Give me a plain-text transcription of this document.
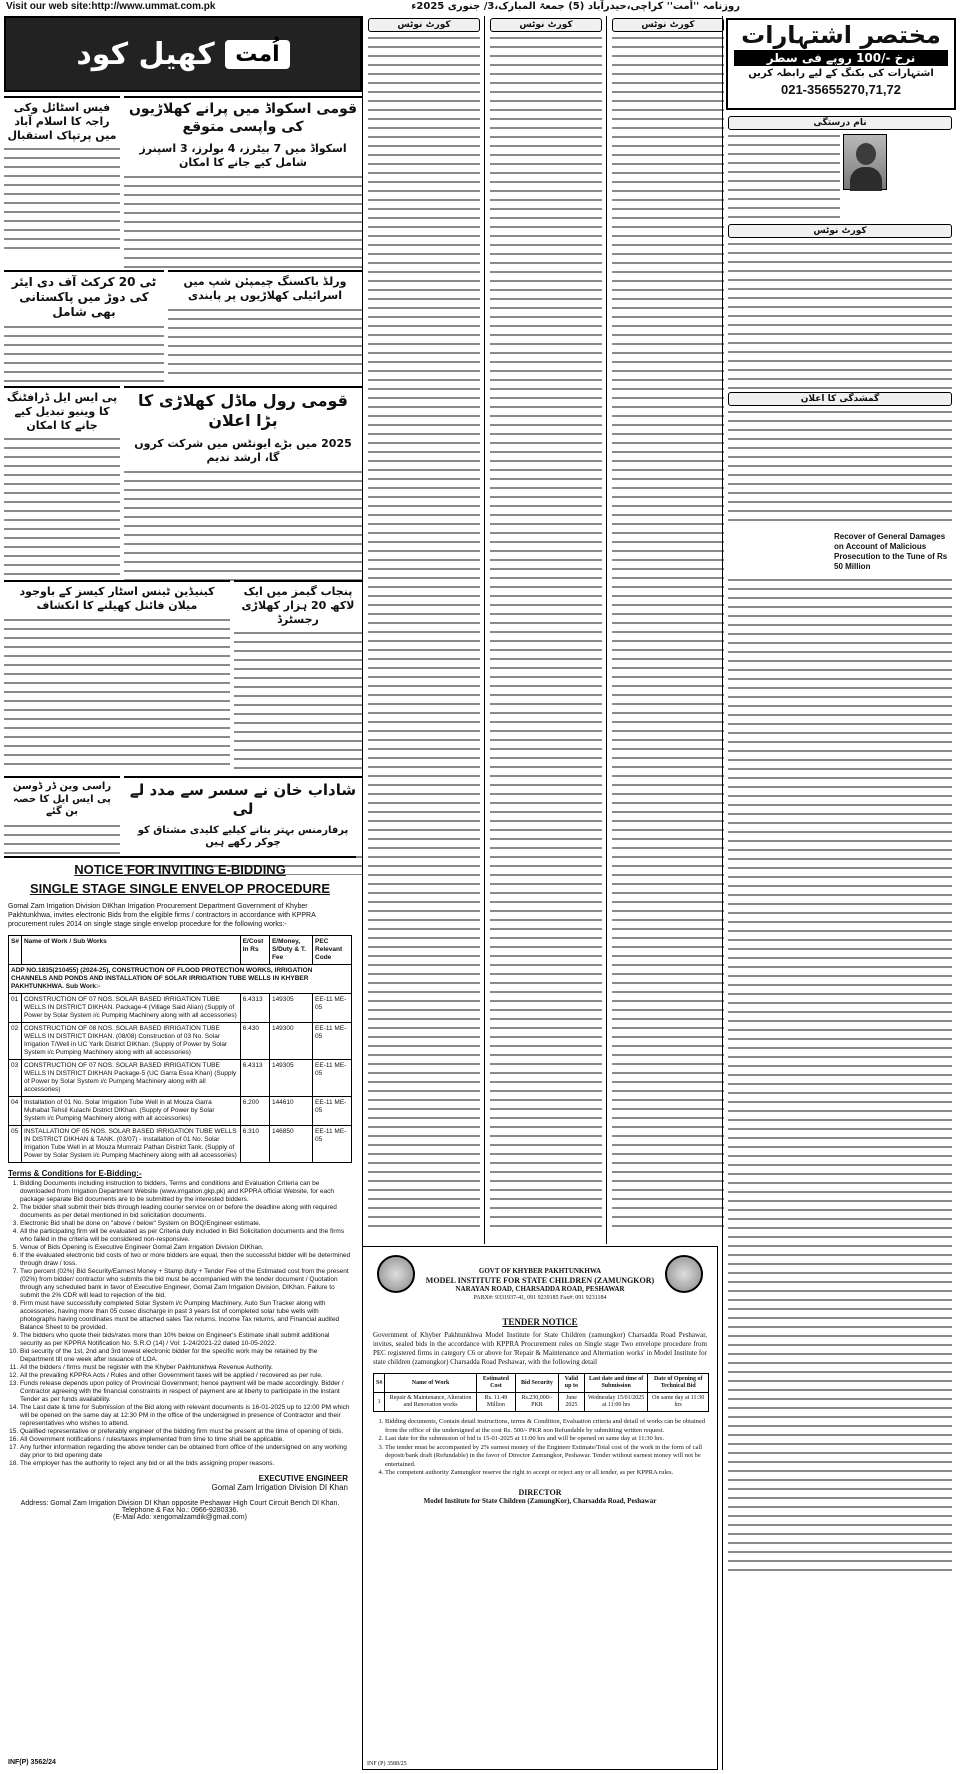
Visit our web site:http://www.ummat.com.pk	روزنامہ ''اُمت'' کراچی،حیدرآباد (5) جمعۃ المبارک،3/ جنوری 2025ء
اُمت

کھیل کود
قومی اسکواڈ میں پرانے کھلاڑیوں کی واپسی متوقع
اسکواڈ میں 7 بیٹرز، 4 بولرز، 3 اسپنرز شامل کیے جانے کا امکان
فیس اسٹائل وکی راجہ کا اسلام آباد میں پرتپاک استقبال
ٹی 20 کرکٹ آف دی ایئر کی دوڑ میں پاکستانی بھی شامل
ورلڈ باکسنگ چیمپئن شپ میں اسرائیلی کھلاڑیوں پر پابندی
پی ایس ایل ڈرافٹنگ کا وینیو تبدیل کیے جانے کا امکان
قومی رول ماڈل کھلاڑی کا بڑا اعلان
2025 میں بڑے ایونٹس میں شرکت کروں گا، ارشد ندیم
کینیڈین ٹینس اسٹار کیسز کے باوجود میلان فائنل کھیلنے کا انکشاف
پنجاب گیمز میں ایک لاکھ 20 ہزار کھلاڑی رجسٹرڈ
راسی وین ڈر ڈوسن پی ایس ایل کا حصہ بن گئے
شاداب خان نے سسر سے مدد لے لی
پرفارمنس بہتر بنانے کیلیے کلیدی مشتاق کو چوکر رکھے ہیں
NOTICE FOR INVITING E-BIDDING
SINGLE STAGE SINGLE ENVELOP PROCEDURE
Gomal Zam Irrigation Division DIKhan Irrigation Procurement Department Government of Khyber Pakhtunkhwa, invites electronic Bids from the eligible firms / contractors in accordance with KPPRA procurement rules 2014 on single stage single envelop procedure for the following works:-
S#	Name of Work / Sub Works	E/Cost In Rs	E/Money, S/Duty & T. Fee	PEC Relevant Code
ADP NO.1835(210455) (2024-25), CONSTRUCTION OF FLOOD PROTECTION WORKS, IRRIGATION CHANNELS AND PONDS AND INSTALLATION OF SOLAR IRRIGATION TUBE WELLS IN KHYBER PAKHTUNKHWA. Sub Work:-				
01	CONSTRUCTION OF 07 NOS. SOLAR BASED IRRIGATION TUBE WELLS IN DISTRICT DIKHAN. Package-4 (Village Said Alian) (Supply of Power by Solar System i/c Pumping Machinery along with all accessories)	6.4313	149305	EE-11 ME-05
02	CONSTRUCTION OF 08 NOS. SOLAR BASED IRRIGATION TUBE WELLS IN DISTRICT DIKHAN. (08/08) Construction of 03 No. Solar Irrigation T/Well in UC Yarik District DIKhan. (Supply of Power by Solar System i/c Pumping Machinery along with all accessories)	6.430	149300	EE-11 ME-05
03	CONSTRUCTION OF 07 NOS. SOLAR BASED IRRIGATION TUBE WELLS IN DISTRICT DIKHAN Package-5 (UC Garra Essa Khan) (Supply of Power by Solar System i/c Pumping Machinery along with all accessories)	6.4313	149305	EE-11 ME-05
04	Installation of 01 No. Solar Irrigation Tube Well in at Mouza Garra Muhabat Tehsil Kulachi District DIKhan. (Supply of Power by Solar System i/c Pumping Machinery along with all accessories)	6.200	144610	EE-11 ME-05
05	INSTALLATION OF 05 NOS. SOLAR BASED IRRIGATION TUBE WELLS IN DISTRICT DIKHAN & TANK. (03/07) - Installation of 01 No. Solar Irrigation Tube Well in at Mouza Mumraiz Pathan District Tank. (Supply of Power by Solar System i/c Pumping Machinery along with all accessories)	6.310	146850	EE-11 ME-05
Terms & Conditions for E-Bidding:-
1. Bidding Documents including instruction to bidders, Terms and conditions and Evaluation Criteria can be downloaded from Irrigation Department Website (www.irrigation.gkp.pk) and KPPRA official Website, for each package separate Bid documents are to be submitted by the interested bidders.
2. The bidder shall submit their bids through leading courier service on or before the deadline along with required documents as per detail mentioned in bid solicitation documents.
3. Electronic Bid shall be done on "above / below" System on BOQ/Engineer estimate.
4. All the participating firm will be evaluated as per Criteria duly included in Bid Solicitation documents and the firms who failed in the criteria will be considered non-responsive.
5. Venue of Bids Opening is Executive Engineer Gomal Zam Irrigation Division DIKhan.
6. If the evaluated electronic bid costs of two or more bidders are equal, then the successful bidder will be determined through draw / toss.
7. Two percent (02%) Bid Security/Earnest Money + Stamp duty + Tender Fee of the Estimated cost from the present (02%) from bidder/ contractor who submits the bid must be accompanied with the tender document / Quotation through any scheduled bank in favor of Executive Engineer, Gomal Zam Irrigation Division, DIKhan. Failure to submit the 2% CDR will lead to rejection of the bid.
8. Firm must have successfully completed Solar System i/c Pumping Machinery, Auto Sun Tracker along with accessories, having more than 05 cusec discharge in past 3 years list of completed solar tube wells with photographs having coordinates must be attached sales Tax returns, Income Tax returns, and Financial audited Balance Sheet to be provided.
9. The bidders who quote their bids/rates more than 10% below on Engineer's Estimate shall submit additional security as per KPPRA Notification No. S.R.O (14) / Vol: 1-24/2021-22 dated 10-05-2022.
10. Bid security of the 1st, 2nd and 3rd lowest electronic bidder for the specific work may be retained by the Department till one week after issuance of LOA.
11. All the bidders / firms must be register with the Khyber Pakhtunkhwa Revenue Authority.
12. All the prevailing KPPRA Acts / Rules and other Government taxes will be applied / recovered as per rule.
13. Funds release depends upon policy of Provincial Government; hence payment will be made accordingly. Bidder / Contractor agreeing with the financial constraints in respect of payment are at liberty to participate in the instant Tender as per funds availability.
14. The Last date & time for Submission of the Bid along with relevant documents is 16-01-2025 up to 12:00 PM which will be opened on the same day at 12:30 PM in the office of the undersigned in presence of Contractor and their representatives who wishes to attend.
15. Qualified representative or preferably engineer of the bidding firm must be present at the time of opening of bids.
16. All Government notifications / rules/taxes implemented from time to time shall be applicable.
17. Any further information regarding the above tender can be obtained from office of the undersigned on any working day prior to bid opening date
18. The employer has the authority to reject any bid or all the bids assigning proper reasons.
EXECUTIVE ENGINEER
Gomal Zam Irrigation Division DI Khan
Address: Gomal Zam Irrigation Division DI Khan opposite Peshawar High Court Circuit Bench DI Khan. Telephone & Fax No.: 0966-9280336.
(E-Mail Ado: xengomalzamdik@gmail.com)
INF(P) 3562/24
کورٹ نوٹس	کورٹ نوٹس	کورٹ نوٹس	مختصر اشتہارات
نرخ -/100 روپے فی سطر
اشتہارات کی بکنگ کے لیے رابطہ کریں
021-35655270,71,72
نام درستگی
کورٹ نوٹس
گمشدگی کا اعلان
Recover of General Damages on Account of Malicious Prosecution to the Tune of Rs 50 Million
GOVT OF KHYBER PAKHTUNKHWA
MODEL INSTITUTE FOR STATE CHILDREN (ZAMUNGKOR)
NARAYAN ROAD, CHARSADDA ROAD, PESHAWAR
PABX#: 9331937-41, 091 9239185 Fax#: 091 9231184
TENDER NOTICE

Government of Khyber Pakhtunkhwa Model Institute for State Children (zamungkor) Charsadda Road Peshawar, invites, sealed bids in the accordance with KPPRA Procurement rules on Single stage Two envelope procedure from PEC registered firms in category C6 or above for 'Repair & Maintenance and Alternation works' in Model Institute for state children (zamungkor) Charsadda Road Peshawar, with the following detail

S#	Name of Work	Estimated Cost	Bid Security	Valid up to	Last date and time of Submission	Date of Opening of Technical Bid
1	Repair & Maintenance, Alteration and Renovation works	Rs. 11.49 Million	Rs.230,000/- PKR	June 2025	Wednesday 15/01/2025 at 11:00 hrs	On same day at 11:30 hrs
1. Bidding documents, Contain detail instructions, terms & Condition, Evaluation criteria and detail of works can be obtained from the office of the undersigned at the cost Rs. 500/- PKR non Refundable by submitting written request.
2. Last date for the submission of bid is 15-01-2025 at 11:00 hrs and will be opened on same day at 11:30 hrs.
3. The tender must be accompanied by 2% earnest money of the Engineer Estimate/Total cost of the work in the form of call deposit/bank draft (Refundable) in the favor of Director Zamungkor, Peshawar. Tender without earnest money will not be entertained.
4. The competent authority Zamungkor reserve the right to accept or reject any or all tender, as per KPPRA rules.
DIRECTOR
Model Institute for State Children (ZamungKor), Charsadda Road, Peshawar
INF (P) 3588/25
